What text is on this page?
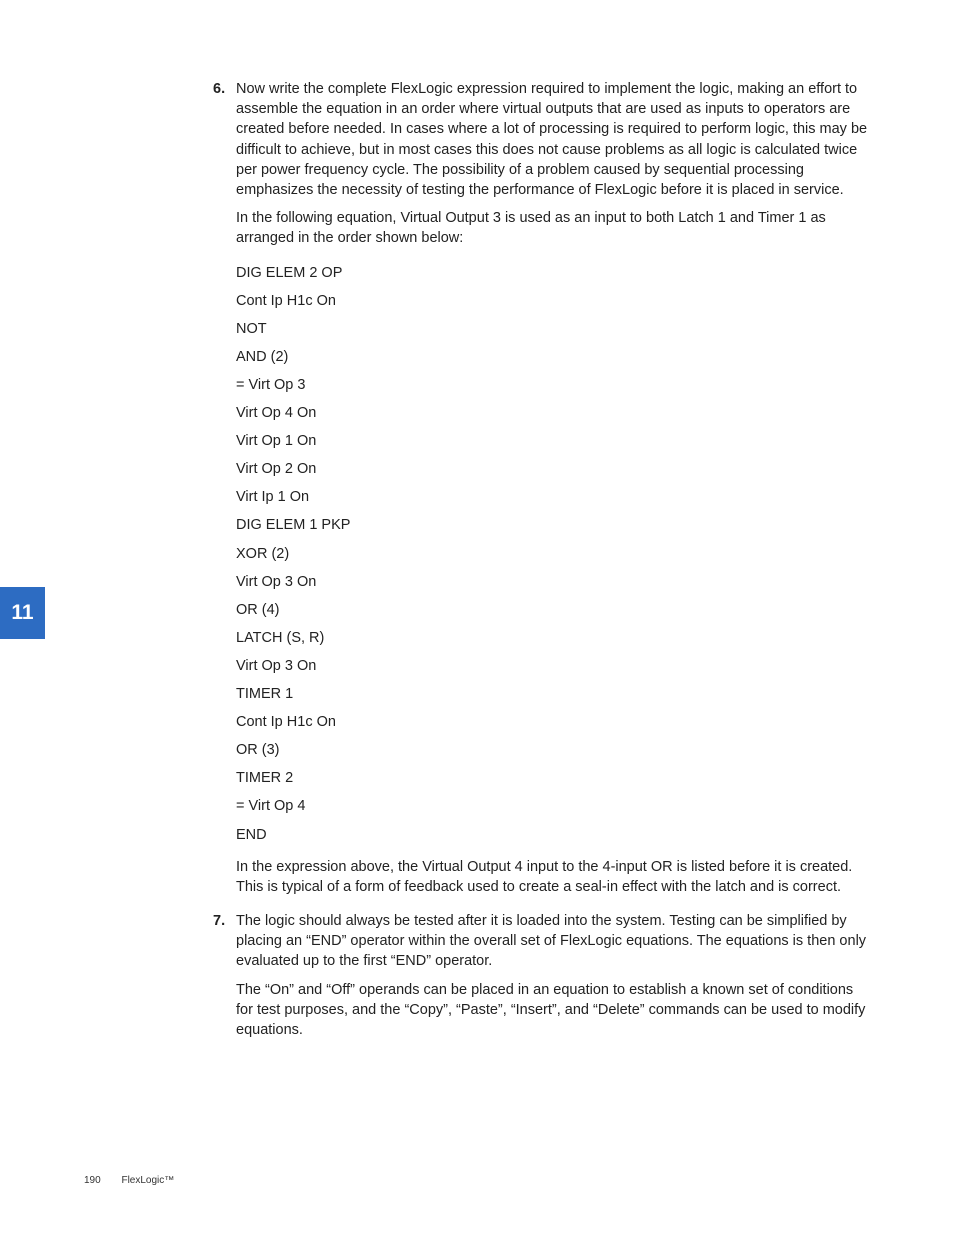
11
6. Now write the complete FlexLogic expression required to implement the logic, making an effort to assemble the equation in an order where virtual outputs that are used as inputs to operators are created before needed. In cases where a lot of processing is required to perform logic, this may be difficult to achieve, but in most cases this does not cause problems as all logic is calculated twice per power frequency cycle. The possibility of a problem caused by sequential processing emphasizes the necessity of testing the performance of FlexLogic before it is placed in service.

In the following equation, Virtual Output 3 is used as an input to both Latch 1 and Timer 1 as arranged in the order shown below:

DIG ELEM 2 OP
Cont Ip H1c On
NOT
AND (2)
= Virt Op 3
Virt Op 4 On
Virt Op 1 On
Virt Op 2 On
Virt Ip 1 On
DIG ELEM 1 PKP
XOR (2)
Virt Op 3 On
OR (4)
LATCH (S, R)
Virt Op 3 On
TIMER 1
Cont Ip H1c On
OR (3)
TIMER 2
= Virt Op 4
END

In the expression above, the Virtual Output 4 input to the 4-input OR is listed before it is created. This is typical of a form of feedback used to create a seal-in effect with the latch and is correct.

7. The logic should always be tested after it is loaded into the system. Testing can be simplified by placing an “END” operator within the overall set of FlexLogic equations. The equations is then only evaluated up to the first “END” operator.

The “On” and “Off” operands can be placed in an equation to establish a known set of conditions for test purposes, and the “Copy”, “Paste”, “Insert”, and “Delete” commands can be used to modify equations.

190 FlexLogic™
